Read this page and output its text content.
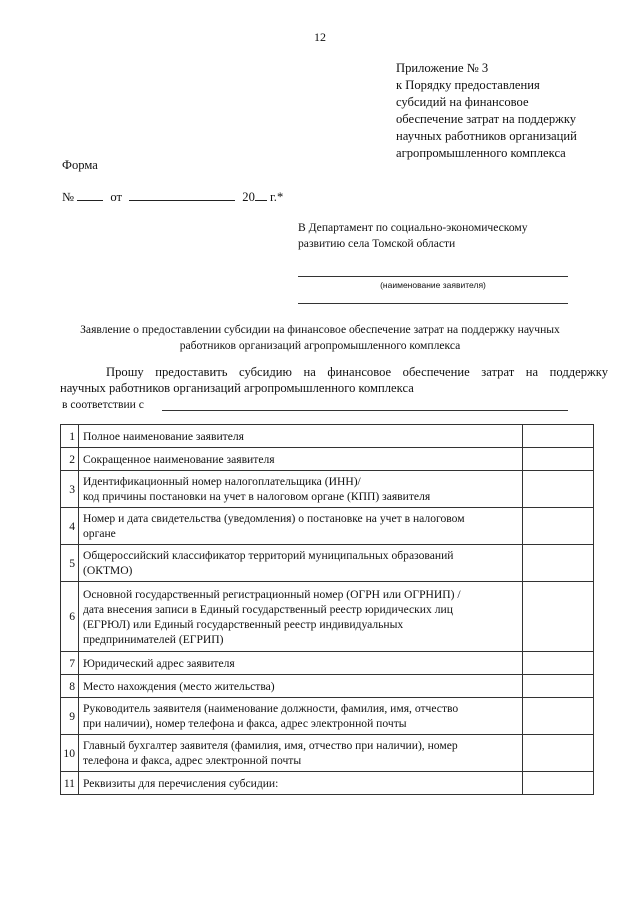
12
Приложение № 3
к Порядку предоставления
субсидий на финансовое
обеспечение затрат на поддержку
научных работников организаций
агропромышленного комплекса
Форма
№	от	20 г.*
В Департамент по социально-экономическому
развитию села Томской области
(наименование заявителя)
Заявление о предоставлении субсидии на финансовое обеспечение затрат на поддержку научных
работников организаций агропромышленного комплекса
Прошу предоставить субсидию на финансовое обеспечение затрат на поддержку
научных работников организаций агропромышленного комплекса
в соответствии с
1	Полное наименование заявителя	

2	Сокращенное наименование заявителя	

3	Идентификационный номер налогоплательщика (ИНН)/
код причины постановки на учет в налоговом органе (КПП) заявителя	

4	Номер и дата свидетельства (уведомления) о постановке на учет в налоговом
органе	

5	Общероссийский классификатор территорий муниципальных образований
(ОКТМО)	

6	Основной государственный регистрационный номер (ОГРН или ОГРНИП) /
дата внесения записи в Единый государственный реестр юридических лиц
(ЕГРЮЛ) или Единый государственный реестр индивидуальных
предпринимателей (ЕГРИП)	

7	Юридический адрес заявителя	

8	Место нахождения (место жительства)	

9	Руководитель заявителя (наименование должности, фамилия, имя, отчество
при наличии), номер телефона и факса, адрес электронной почты	

10	Главный бухгалтер заявителя (фамилия, имя, отчество при наличии), номер
телефона и факса, адрес электронной почты	

11	Реквизиты для перечисления субсидии:	
